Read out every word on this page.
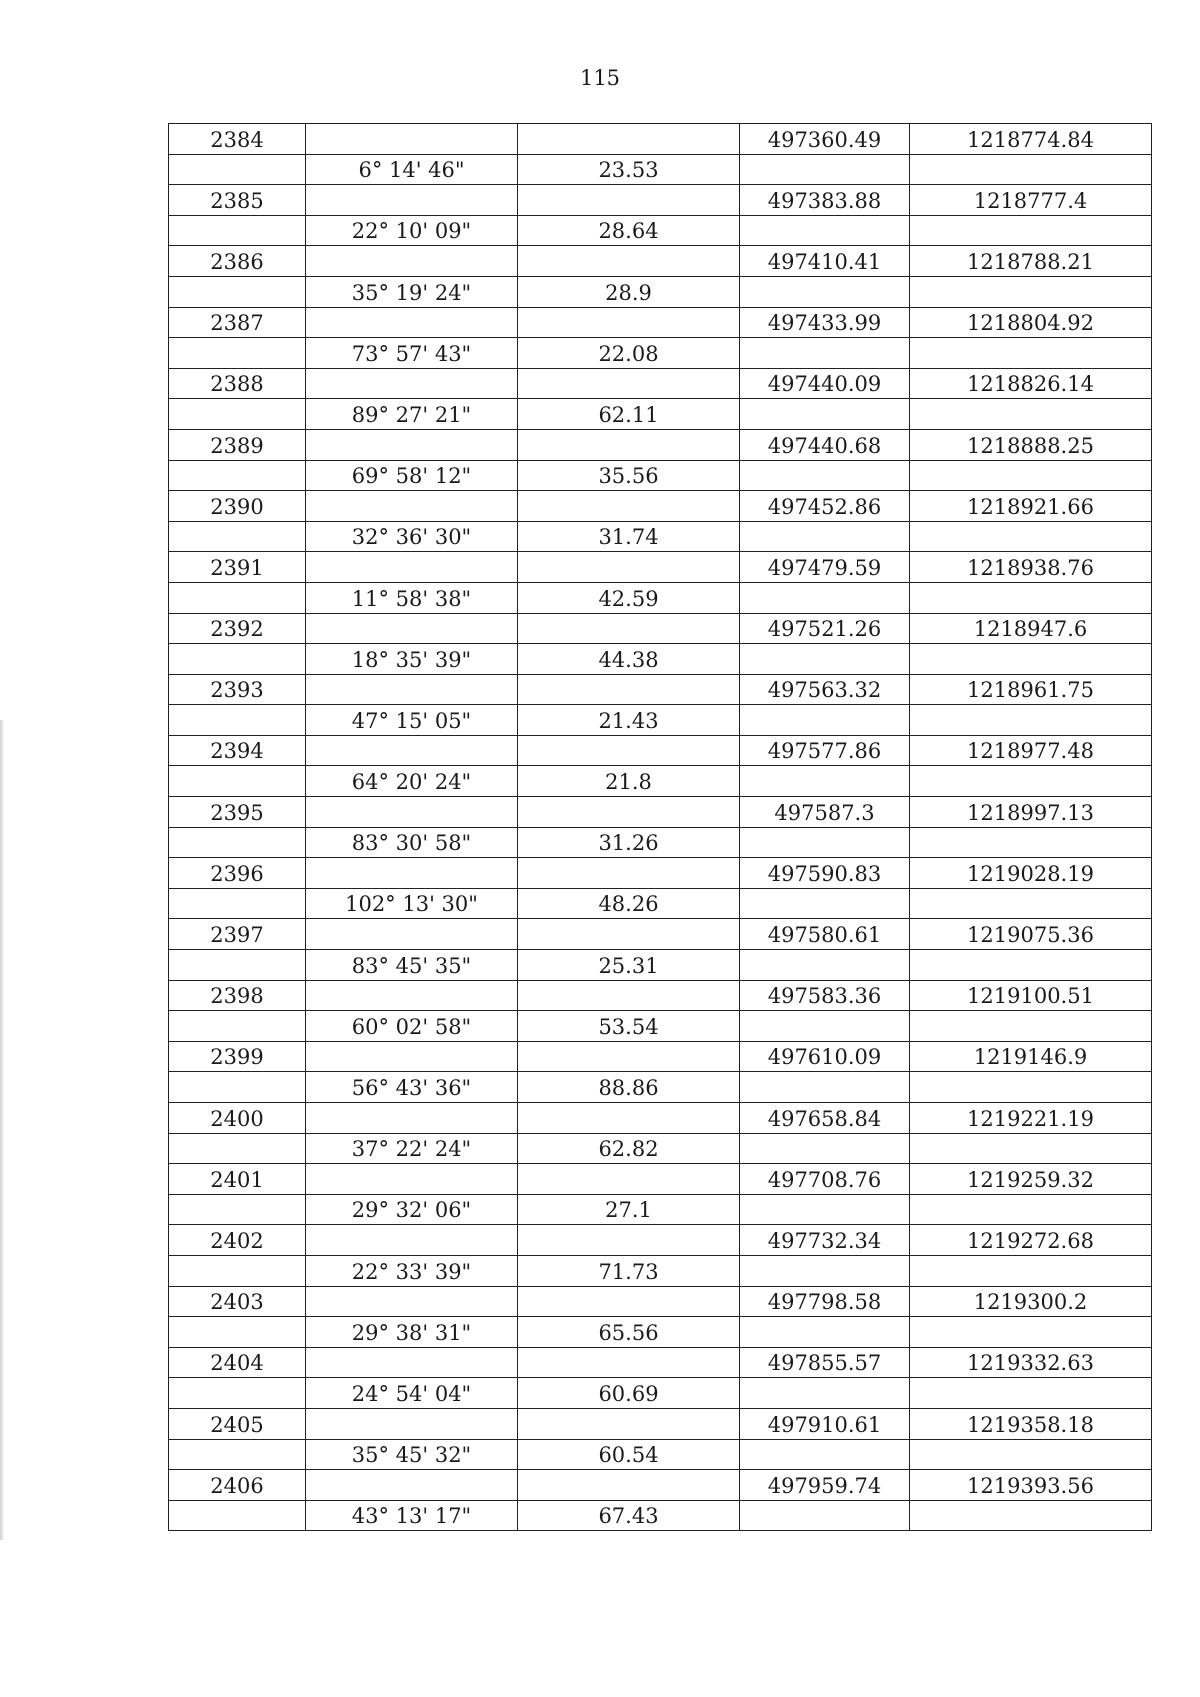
115
2384			497360.49	1218774.84
	6° 14' 46"	23.53		
2385			497383.88	1218777.4
	22° 10' 09"	28.64		
2386			497410.41	1218788.21
	35° 19' 24"	28.9		
2387			497433.99	1218804.92
	73° 57' 43"	22.08		
2388			497440.09	1218826.14
	89° 27' 21"	62.11		
2389			497440.68	1218888.25
	69° 58' 12"	35.56		
2390			497452.86	1218921.66
	32° 36' 30"	31.74		
2391			497479.59	1218938.76
	11° 58' 38"	42.59		
2392			497521.26	1218947.6
	18° 35' 39"	44.38		
2393			497563.32	1218961.75
	47° 15' 05"	21.43		
2394			497577.86	1218977.48
	64° 20' 24"	21.8		
2395			497587.3	1218997.13
	83° 30' 58"	31.26		
2396			497590.83	1219028.19
	102° 13' 30"	48.26		
2397			497580.61	1219075.36
	83° 45' 35"	25.31		
2398			497583.36	1219100.51
	60° 02' 58"	53.54		
2399			497610.09	1219146.9
	56° 43' 36"	88.86		
2400			497658.84	1219221.19
	37° 22' 24"	62.82		
2401			497708.76	1219259.32
	29° 32' 06"	27.1		
2402			497732.34	1219272.68
	22° 33' 39"	71.73		
2403			497798.58	1219300.2
	29° 38' 31"	65.56		
2404			497855.57	1219332.63
	24° 54' 04"	60.69		
2405			497910.61	1219358.18
	35° 45' 32"	60.54		
2406			497959.74	1219393.56
	43° 13' 17"	67.43		
